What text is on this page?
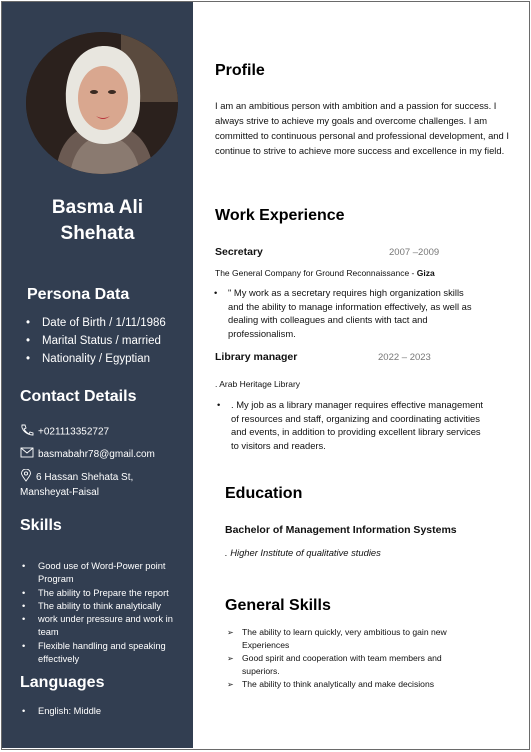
Basma Ali
Shehata
Persona Data
• Date of Birth / 1/11/1986
• Marital Status / married
• Nationality / Egyptian
Contact Details
+021113352727
basmabahr78@gmail.com
6 Hassan Shehata St, Mansheyat-Faisal
Skills
• Good use of Word-Power point Program
• The ability to Prepare the report
• The ability to think analytically
• work under pressure and work in team
• Flexible handling and speaking effectively
Languages
• English: Middle
Profile
I am an ambitious person with ambition and a passion for success. I always strive to achieve my goals and overcome challenges. I am committed to continuous personal and professional development, and I continue to strive to achieve more success and excellence in my field.
Work Experience
Secretary	2007 –2009
The General Company for Ground Reconnaissance - Giza
• " My work as a secretary requires high organization skills and the ability to manage information effectively, as well as dealing with colleagues and clients with tact and professionalism.
Library manager	2022 – 2023
. Arab Heritage Library
• . My job as a library manager requires effective management of resources and staff, organizing and coordinating activities and events, in addition to providing excellent library services to visitors and readers.
Education
Bachelor of Management Information Systems
. Higher Institute of qualitative studies
General Skills
➢ The ability to learn quickly, very ambitious to gain new Experiences
➢ Good spirit and cooperation with team members and superiors.
➢ The ability to think analytically and make decisions
